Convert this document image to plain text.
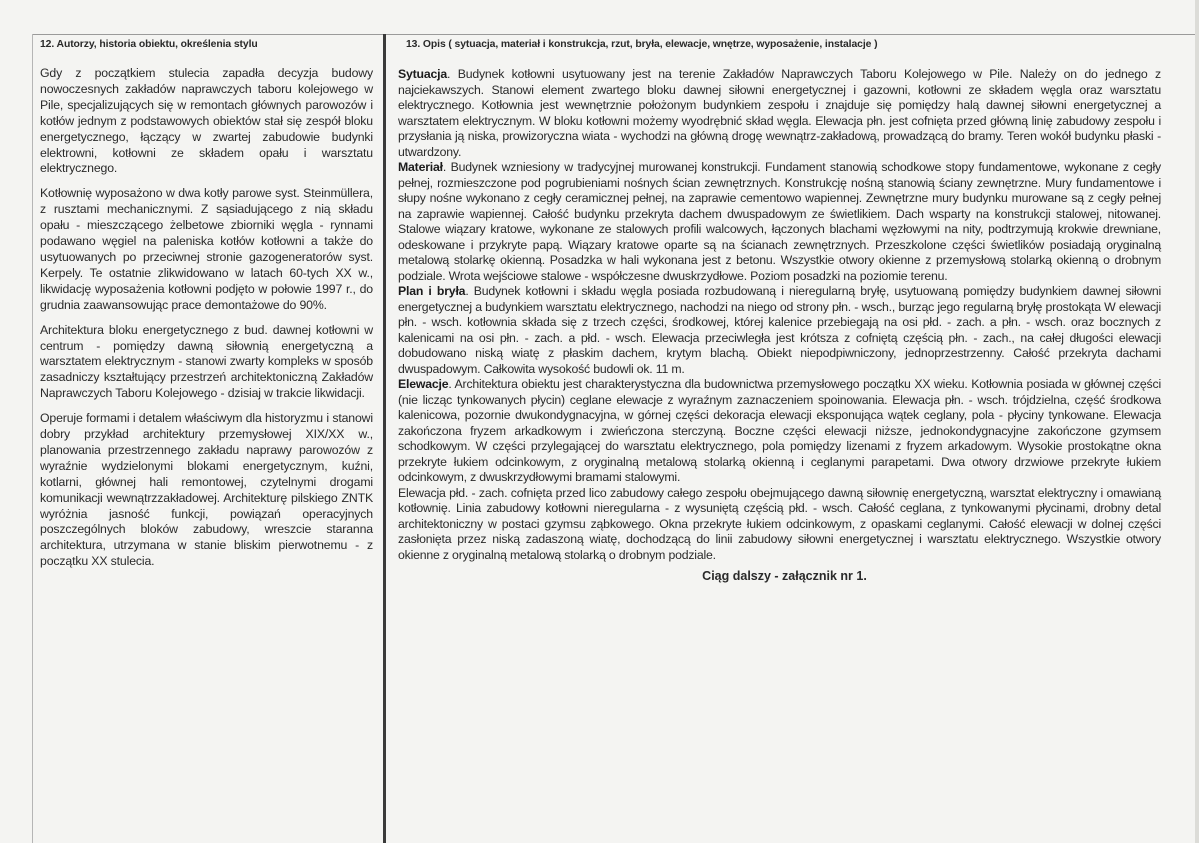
12. Autorzy, historia obiektu, określenia stylu

Gdy z początkiem stulecia zapadła decyzja budowy nowoczesnych zakładów naprawczych taboru kolejowego w Pile, specjalizujących się w remontach głównych parowozów i kotłów jednym z podstawowych obiektów stał się zespół bloku energetycznego, łączący w zwartej zabudowie budynki elektrowni, kotłowni ze składem opału i warsztatu elektrycznego.

Kotłownię wyposażono w dwa kotły parowe syst. Steinmüllera, z rusztami mechanicznymi. Z sąsiadującego z nią składu opału - mieszczącego żelbetowe zbiorniki węgla - rynnami podawano węgiel na paleniska kotłów kotłowni a także do usytuowanych po przeciwnej stronie gazogeneratorów syst. Kerpely. Te ostatnie zlikwidowano w latach 60-tych XX w., likwidację wyposażenia kotłowni podjęto w połowie 1997 r., do grudnia zaawansowując prace demontażowe do 90%.

Architektura bloku energetycznego z bud. dawnej kotłowni w centrum - pomiędzy dawną siłownią energetyczną a warsztatem elektrycznym - stanowi zwarty kompleks w sposób zasadniczy kształtujący przestrzeń architektoniczną Zakładów Naprawczych Taboru Kolejowego - dzisiaj w trakcie likwidacji.

Operuje formami i detalem właściwym dla historyzmu i stanowi dobry przykład architektury przemysłowej XIX/XX w., planowania przestrzennego zakładu naprawy parowozów z wyraźnie wydzielonymi blokami energetycznym, kuźni, kotlarni, głównej hali remontowej, czytelnymi drogami komunikacji wewnątrzzakładowej. Architekturę pilskiego ZNTK wyróżnia jasność funkcji, powiązań operacyjnych poszczególnych bloków zabudowy, wreszcie staranna architektura, utrzymana w stanie bliskim pierwotnemu - z początku XX stulecia.

13. Opis ( sytuacja, materiał i konstrukcja, rzut, bryła, elewacje, wnętrze, wyposażenie, instalacje )

Sytuacja. Budynek kotłowni usytuowany jest na terenie Zakładów Naprawczych Taboru Kolejowego w Pile. Należy on do jednego z najciekawszych. Stanowi element zwartego bloku dawnej siłowni energetycznej i gazowni, kotłowni ze składem węgla oraz warsztatu elektrycznego. Kotłownia jest wewnętrznie położonym budynkiem zespołu i znajduje się pomiędzy halą dawnej siłowni energetycznej a warsztatem elektrycznym. W bloku kotłowni możemy wyodrębnić skład węgla. Elewacja płn. jest cofnięta przed główną linię zabudowy zespołu i przysłania ją niska, prowizoryczna wiata - wychodzi na główną drogę wewnątrz-zakładową, prowadzącą do bramy. Teren wokół budynku płaski - utwardzony.

Materiał. Budynek wzniesiony w tradycyjnej murowanej konstrukcji. Fundament stanowią schodkowe stopy fundamentowe, wykonane z cegły pełnej, rozmieszczone pod pogrubieniami nośnych ścian zewnętrznych. Konstrukcję nośną stanowią ściany zewnętrzne. Mury fundamentowe i słupy nośne wykonano z cegły ceramicznej pełnej, na zaprawie cementowo wapiennej. Zewnętrzne mury budynku murowane są z cegły pełnej na zaprawie wapiennej. Całość budynku przekryta dachem dwuspadowym ze świetlikiem. Dach wsparty na konstrukcji stalowej, nitowanej. Stalowe wiązary kratowe, wykonane ze stalowych profili walcowych, łączonych blachami węzłowymi na nity, podtrzymują krokwie drewniane, odeskowane i przykryte papą. Wiązary kratowe oparte są na ścianach zewnętrznych. Przeszkolone części świetlików posiadają oryginalną metalową stolarkę okienną. Posadzka w hali wykonana jest z betonu. Wszystkie otwory okienne z przemysłową stolarką okienną o drobnym podziale. Wrota wejściowe stalowe - współczesne dwuskrzydłowe. Poziom posadzki na poziomie terenu.

Plan i bryła. Budynek kotłowni i składu węgla posiada rozbudowaną i nieregularną bryłę, usytuowaną pomiędzy budynkiem dawnej siłowni energetycznej a budynkiem warsztatu elektrycznego, nachodzi na niego od strony płn. - wsch., burząc jego regularną bryłę prostokąta W elewacji płn. - wsch. kotłownia składa się z trzech części, środkowej, której kalenice przebiegają na osi płd. - zach. a płn. - wsch. oraz bocznych z kalenicami na osi płn. - zach. a płd. - wsch. Elewacja przeciwległa jest krótsza z cofniętą częścią płn. - zach., na całej długości elewacji dobudowano niską wiatę z płaskim dachem, krytym blachą. Obiekt niepodpiwniczony, jednoprzestrzenny. Całość przekryta dachami dwuspadowym. Całkowita wysokość budowli ok. 11 m.

Elewacje. Architektura obiektu jest charakterystyczna dla budownictwa przemysłowego początku XX wieku. Kotłownia posiada w głównej części (nie licząc tynkowanych płycin) ceglane elewacje z wyraźnym zaznaczeniem spoinowania. Elewacja płn. - wsch. trójdzielna, część środkowa kalenicowa, pozornie dwukondygnacyjna, w górnej części dekoracja elewacji eksponująca wątek ceglany, pola - płyciny tynkowane. Elewacja zakończona fryzem arkadkowym i zwieńczona sterczyną. Boczne części elewacji niższe, jednokondygnacyjne zakończone gzymsem schodkowym. W części przylegającej do warsztatu elektrycznego, pola pomiędzy lizenami z fryzem arkadowym. Wysokie prostokątne okna przekryte łukiem odcinkowym, z oryginalną metalową stolarką okienną i ceglanymi parapetami. Dwa otwory drzwiowe przekryte łukiem odcinkowym, z dwuskrzydłowymi bramami stalowymi.

Elewacja płd. - zach. cofnięta przed lico zabudowy całego zespołu obejmującego dawną siłownię energetyczną, warsztat elektryczny i omawianą kotłownię. Linia zabudowy kotłowni nieregularna - z wysuniętą częścią płd. - wsch. Całość ceglana, z tynkowanymi płycinami, drobny detal architektoniczny w postaci gzymsu ząbkowego. Okna przekryte łukiem odcinkowym, z opaskami ceglanymi. Całość elewacji w dolnej części zasłonięta przez niską zadaszoną wiatę, dochodzącą do linii zabudowy siłowni energetycznej i warsztatu elektrycznego. Wszystkie otwory okienne z oryginalną metalową stolarką o drobnym podziale.

Ciąg dalszy - załącznik nr 1.
